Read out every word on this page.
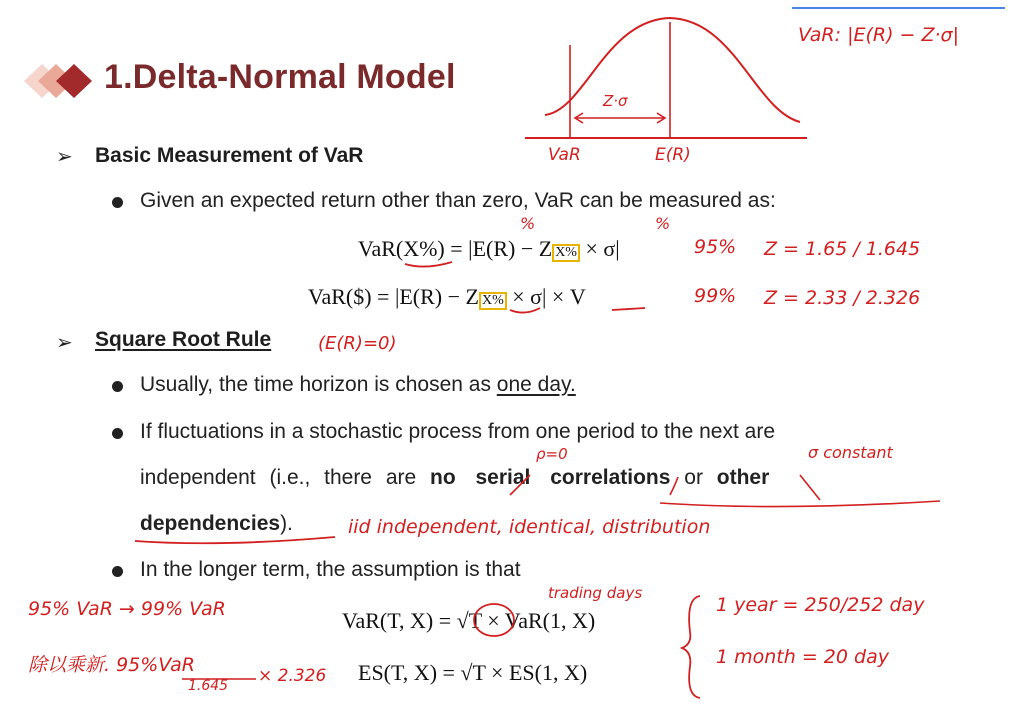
1.Delta-Normal Model
Z·σ
VaR	E(R)
VaR: |E(R) − Z·σ|
➢ Basic Measurement of VaR
Given an expected return other than zero, VaR can be measured as:
%	%
VaR(X%) = |E(R) − Z X% × σ|
VaR($) = |E(R) − Z X% × σ| × V
95% Z = 1.65 / 1.645
99% Z = 2.33 / 2.326
➢ Square Root Rule	(E(R)=0)
Usually, the time horizon is chosen as one day.
If fluctuations in a stochastic process from one period to the next are
independent (i.e., there are no serial correlations or other
dependencies).
ρ=0	σ constant
iid independent, identical, distribution
In the longer term, the assumption is that
VaR(T, X) = √T × VaR(1, X)
ES(T, X) = √T × ES(1, X)
trading days
95% VaR → 99% VaR
除以乘新. 95%VaR
1.645 × 2.326
1 year = 250/252 day
1 month = 20 day
